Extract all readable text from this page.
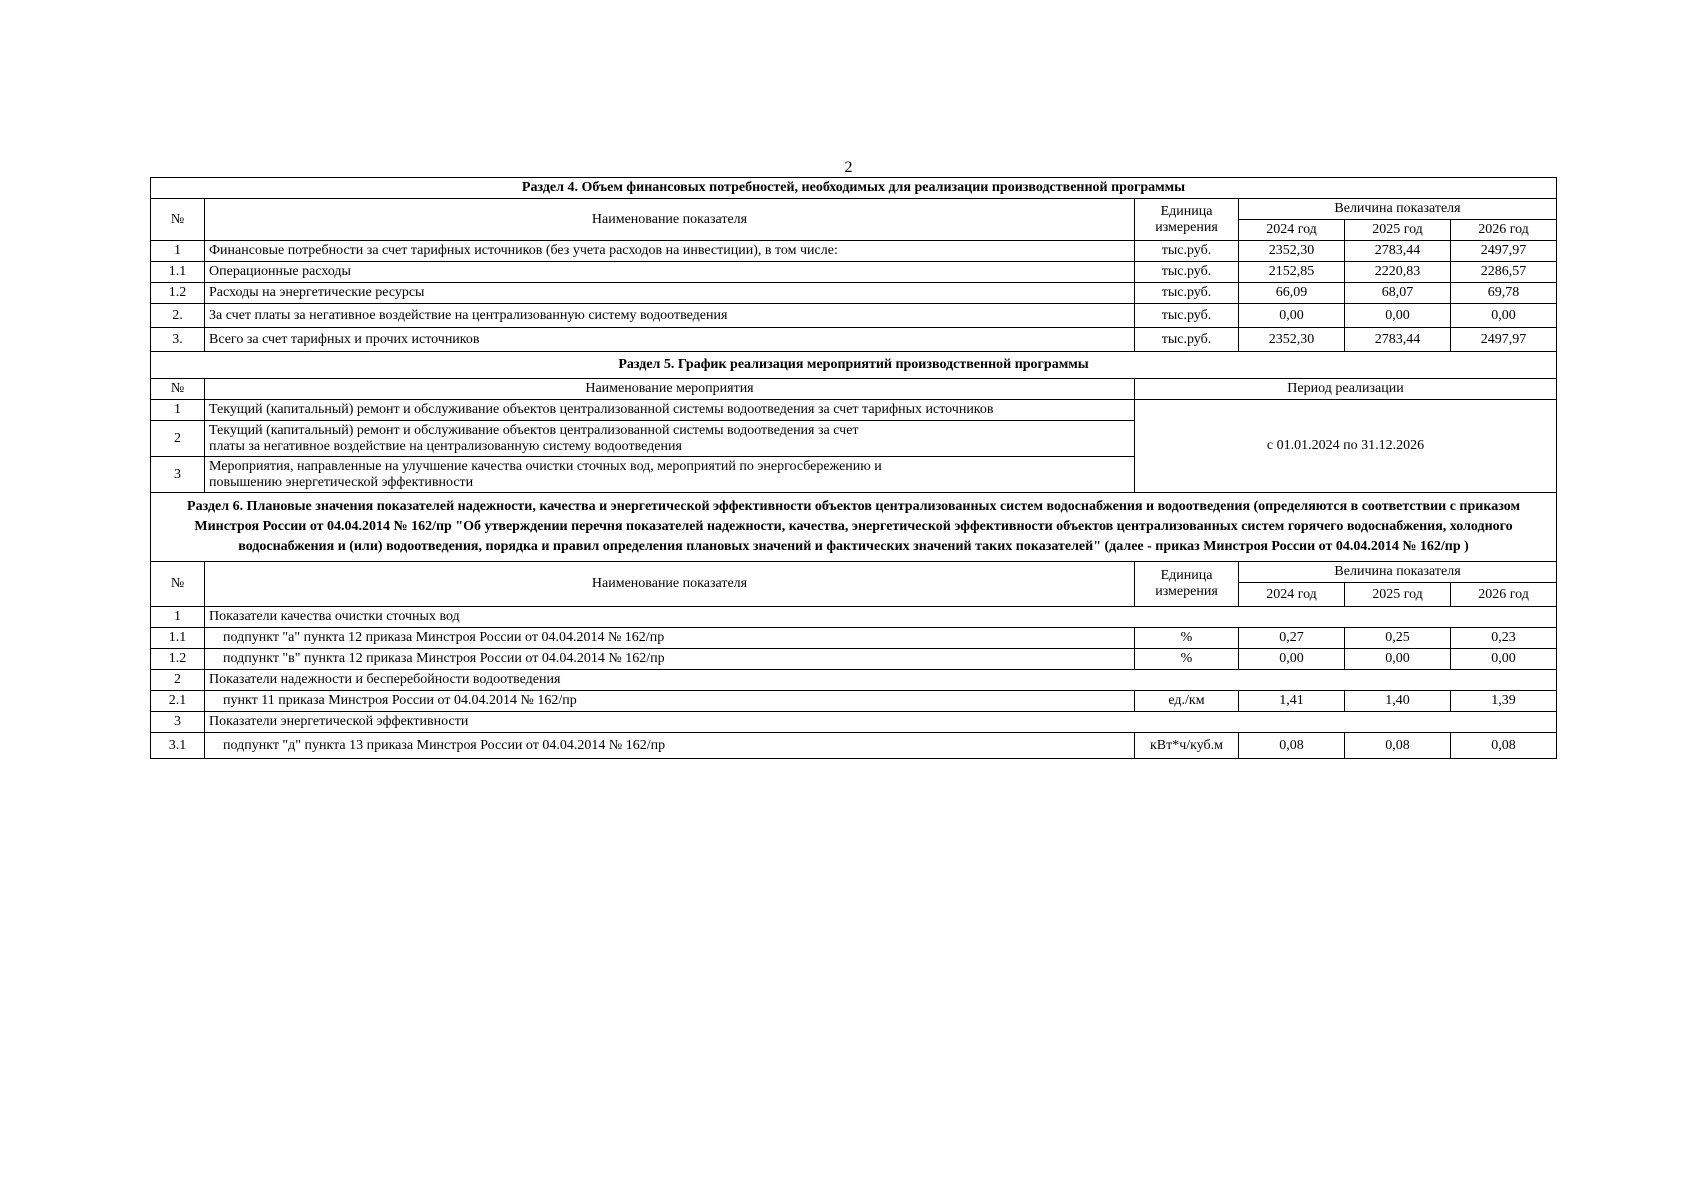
2
Раздел 4. Объем финансовых потребностей, необходимых для реализации производственной программы					
№	Наименование показателя	Единица измерения	Величина показателя		
			2024 год	2025 год	2026 год
1	Финансовые потребности за счет тарифных источников (без учета расходов на инвестиции), в том числе:	тыс.руб.	2352,30	2783,44	2497,97
1.1	Операционные расходы	тыс.руб.	2152,85	2220,83	2286,57
1.2	Расходы на энергетические ресурсы	тыс.руб.	66,09	68,07	69,78
2.	За счет платы за негативное воздействие на централизованную систему водоотведения	тыс.руб.	0,00	0,00	0,00
3.	Всего за счет тарифных и прочих источников	тыс.руб.	2352,30	2783,44	2497,97
Раздел 5. График реализация мероприятий производственной программы		
№	Наименование мероприятия	Период реализации
1	Текущий (капитальный) ремонт и обслуживание объектов централизованной системы водоотведения за счет тарифных источников	с 01.01.2024 по 31.12.2026
2	Текущий (капитальный) ремонт и обслуживание объектов централизованной системы водоотведения за счет платы за негативное воздействие на централизованную систему водоотведения	
3	Мероприятия, направленные на улучшение качества очистки сточных вод, мероприятий по энергосбережению и повышению энергетической эффективности	
Раздел 6. Плановые значения показателей надежности, качества и энергетической эффективности объектов централизованных систем водоснабжения и водоотведения (определяются в соответствии с приказом Минстроя России от 04.04.2014 № 162/пр "Об утверждении перечня показателей надежности, качества, энергетической эффективности объектов централизованных систем горячего водоснабжения, холодного водоснабжения и (или) водоотведения, порядка и правил определения плановых значений и фактических значений таких показателей" (далее - приказ Минстроя России от 04.04.2014 № 162/пр )					
№	Наименование показателя	Единица измерения	Величина показателя		
			2024 год	2025 год	2026 год
1	Показатели качества очистки сточных вод				
1.1	подпункт "а" пункта 12 приказа Минстроя России от 04.04.2014 № 162/пр	%	0,27	0,25	0,23
1.2	подпункт "в" пункта 12 приказа Минстроя России от 04.04.2014 № 162/пр	%	0,00	0,00	0,00
2	Показатели надежности и бесперебойности водоотведения				
2.1	пункт 11 приказа Минстроя России от 04.04.2014 № 162/пр	ед./км	1,41	1,40	1,39
3	Показатели энергетической эффективности				
3.1	подпункт "д" пункта 13 приказа Минстроя России от 04.04.2014 № 162/пр	кВт*ч/куб.м	0,08	0,08	0,08
